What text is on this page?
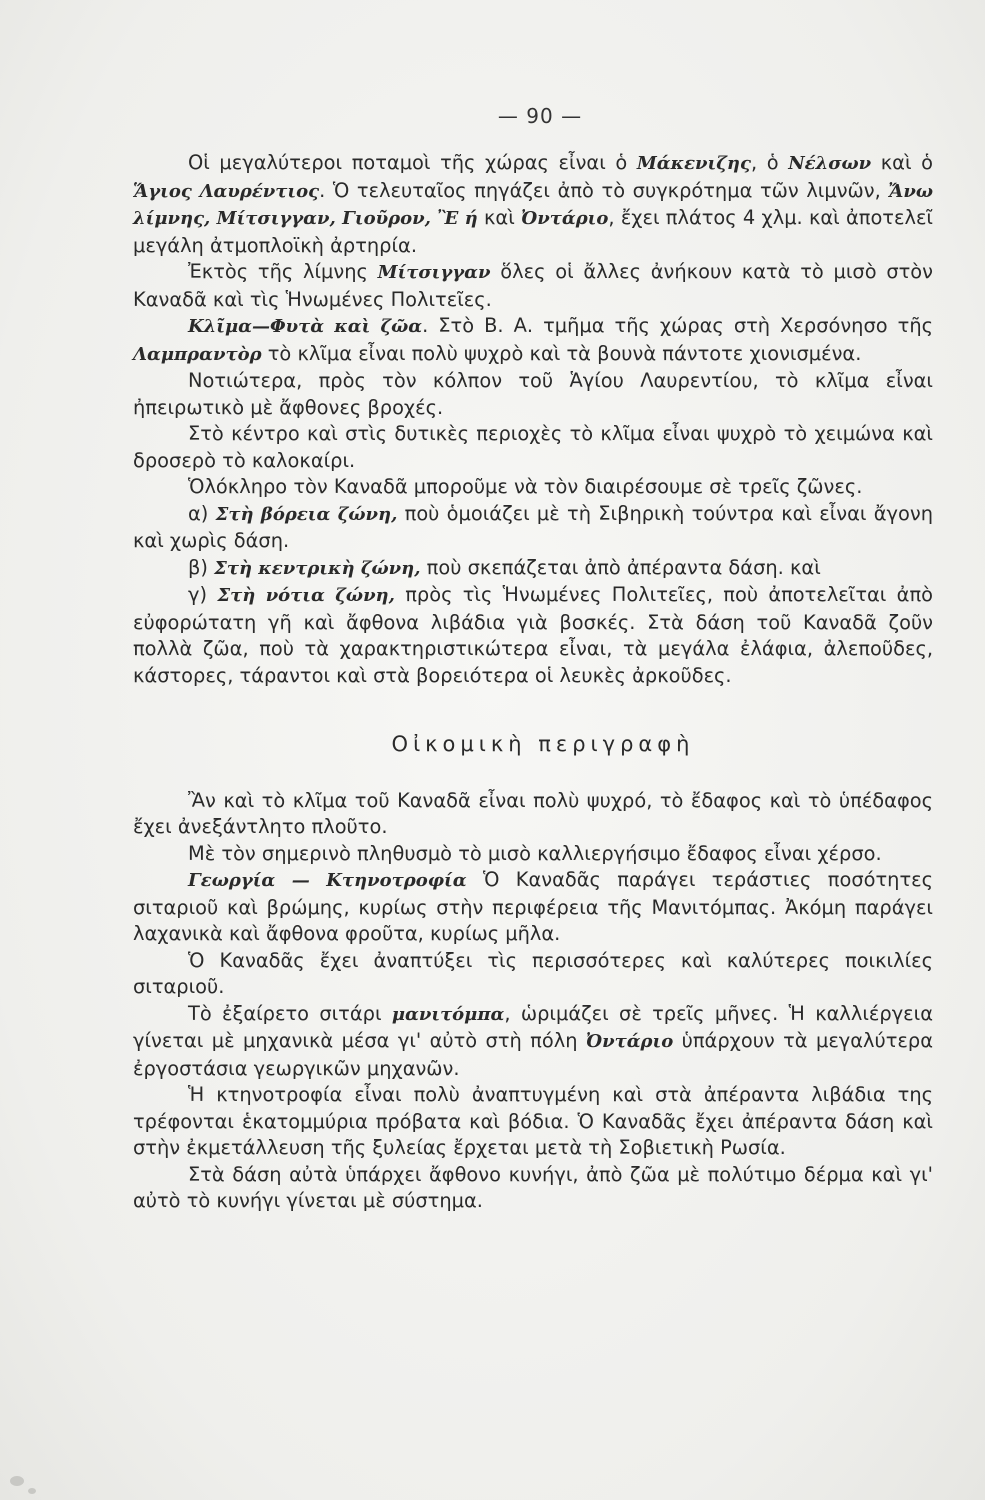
— 90 —

Οἱ μεγαλύτεροι ποταμοὶ τῆς χώρας εἶναι ὁ Μάκενιζης, ὁ Νέλσων καὶ ὁ Ἅγιος Λαυρέντιος. Ὁ τελευταῖος πηγάζει ἀπὸ τὸ συγκρότημα τῶν λιμνῶν, Ἄνω λίμνης, Μίτσιγγαν, Γιοῦρον, Ἒ ή καὶ Ὀντάριο, ἔχει πλάτος 4 χλμ. καὶ ἀποτελεῖ μεγάλη ἀτμοπλοϊκὴ ἀρτηρία.

Ἐκτὸς τῆς λίμνης Μίτσιγγαν ὅλες οἱ ἄλλες ἀνήκουν κατὰ τὸ μισὸ στὸν Καναδᾶ καὶ τὶς Ἡνωμένες Πολιτεῖες.

Κλῖμα—Φυτὰ καὶ ζῶα. Στὸ Β. Α. τμῆμα τῆς χώρας στὴ Χερσόνησο τῆς Λαμπραντὸρ τὸ κλῖμα εἶναι πολὺ ψυχρὸ καὶ τὰ βουνὰ πάντοτε χιονισμένα.

Νοτιώτερα, πρὸς τὸν κόλπον τοῦ Ἁγίου Λαυρεντίου, τὸ κλῖμα εἶναι ἠπειρωτικὸ μὲ ἄφθονες βροχές.

Στὸ κέντρο καὶ στὶς δυτικὲς περιοχὲς τὸ κλῖμα εἶναι ψυχρὸ τὸ χειμώνα καὶ δροσερὸ τὸ καλοκαίρι.

Ὁλόκληρο τὸν Καναδᾶ μποροῦμε νὰ τὸν διαιρέσουμε σὲ τρεῖς ζῶνες.

α) Στὴ βόρεια ζώνη, ποὺ ὁμοιάζει μὲ τὴ Σιβηρικὴ τούντρα καὶ εἶναι ἄγονη καὶ χωρὶς δάση.

β) Στὴ κεντρικὴ ζώνη, ποὺ σκεπάζεται ἀπὸ ἀπέραντα δάση. καὶ

γ) Στὴ νότια ζώνη, πρὸς τὶς Ἡνωμένες Πολιτεῖες, ποὺ ἀποτελεῖται ἀπὸ εὐφορώτατη γῆ καὶ ἄφθονα λιβάδια γιὰ βοσκές. Στὰ δάση τοῦ Καναδᾶ ζοῦν πολλὰ ζῶα, ποὺ τὰ χαρακτηριστικώτερα εἶναι, τὰ μεγάλα ἐλάφια, ἀλεποῦδες, κάστορες, τάραντοι καὶ στὰ βορειότερα οἱ λευκὲς ἀρκοῦδες.

Οἰκομικὴ περιγραφὴ

Ἂν καὶ τὸ κλῖμα τοῦ Καναδᾶ εἶναι πολὺ ψυχρό, τὸ ἔδαφος καὶ τὸ ὑπέδαφος ἔχει ἀνεξάντλητο πλοῦτο.

Μὲ τὸν σημερινὸ πληθυσμὸ τὸ μισὸ καλλιεργήσιμο ἔδαφος εἶναι χέρσο.

Γεωργία — Κτηνοτροφία Ὁ Καναδᾶς παράγει τεράστιες ποσότητες σιταριοῦ καὶ βρώμης, κυρίως στὴν περιφέρεια τῆς Μανιτόμπας. Ἀκόμη παράγει λαχανικὰ καὶ ἄφθονα φροῦτα, κυρίως μῆλα.

Ὁ Καναδᾶς ἔχει ἀναπτύξει τὶς περισσότερες καὶ καλύτερες ποικιλίες σιταριοῦ.

Τὸ ἐξαίρετο σιτάρι μανιτόμπα, ὡριμάζει σὲ τρεῖς μῆνες. Ἡ καλλιέργεια γίνεται μὲ μηχανικὰ μέσα γι' αὐτὸ στὴ πόλη Ὀντάριο ὑπάρχουν τὰ μεγαλύτερα ἐργοστάσια γεωργικῶν μηχανῶν.

Ἡ κτηνοτροφία εἶναι πολὺ ἀναπτυγμένη καὶ στὰ ἀπέραντα λιβάδια της τρέφονται ἑκατομμύρια πρόβατα καὶ βόδια. Ὁ Καναδᾶς ἔχει ἀπέραντα δάση καὶ στὴν ἐκμετάλλευση τῆς ξυλείας ἔρχεται μετὰ τὴ Σοβιετικὴ Ρωσία.

Στὰ δάση αὐτὰ ὑπάρχει ἄφθονο κυνήγι, ἀπὸ ζῶα μὲ πολύτιμο δέρμα καὶ γι' αὐτὸ τὸ κυνήγι γίνεται μὲ σύστημα.
